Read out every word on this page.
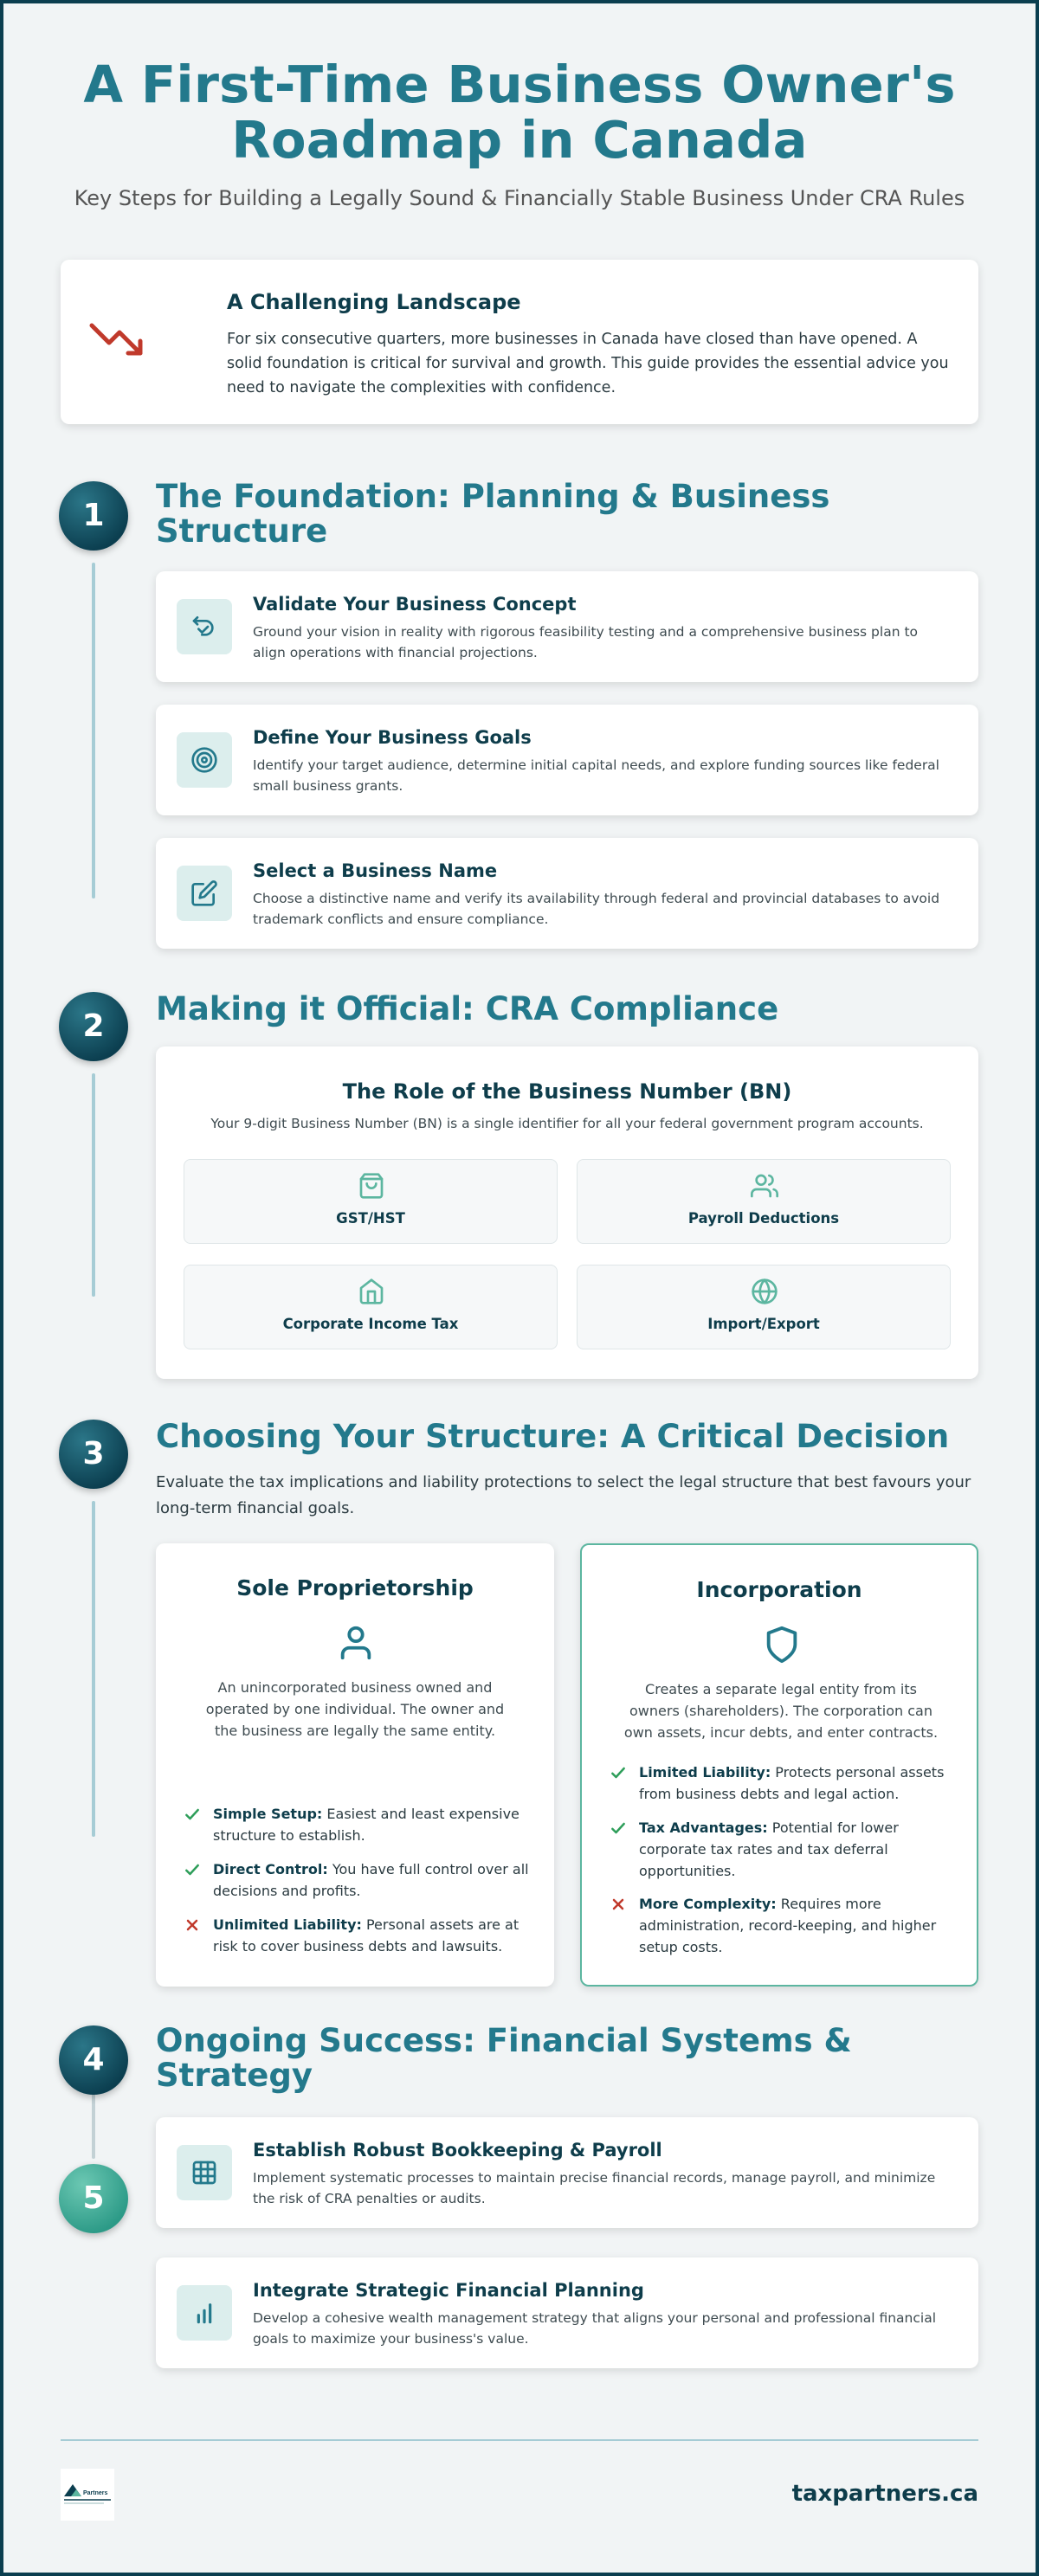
A First-Time Business Owner's Roadmap in Canada

Key Steps for Building a Legally Sound & Financially Stable Business Under CRA Rules

A Challenging Landscape

For six consecutive quarters, more businesses in Canada have closed than have opened. A solid foundation is critical for survival and growth. This guide provides the essential advice you need to navigate the complexities with confidence.

1
The Foundation: Planning & Business Structure
Validate Your Business Concept

Ground your vision in reality with rigorous feasibility testing and a comprehensive business plan to align operations with financial projections.

Define Your Business Goals

Identify your target audience, determine initial capital needs, and explore funding sources like federal small business grants.

Select a Business Name

Choose a distinctive name and verify its availability through federal and provincial databases to avoid trademark conflicts and ensure compliance.

2	Making it Official: CRA Compliance
The Role of the Business Number (BN)

Your 9-digit Business Number (BN) is a single identifier for all your federal government program accounts.

GST/HST	Payroll Deductions
Corporate Income Tax	Import/Export
3	Choosing Your Structure: A Critical Decision
Evaluate the tax implications and liability protections to select the legal structure that best favours your long-term financial goals.
Sole Proprietorship
An unincorporated business owned and operated by one individual. The owner and the business are legally the same entity.
Simple Setup: Easiest and least expensive structure to establish.
Direct Control: You have full control over all decisions and profits.
Unlimited Liability: Personal assets are at risk to cover business debts and lawsuits.
Incorporation
Creates a separate legal entity from its owners (shareholders). The corporation can own assets, incur debts, and enter contracts.
Limited Liability: Protects personal assets from business debts and legal action.
Tax Advantages: Potential for lower corporate tax rates and tax deferral opportunities.
More Complexity: Requires more administration, record-keeping, and higher setup costs.
4
5
Ongoing Success: Financial Systems & Strategy
Establish Robust Bookkeeping & Payroll

Implement systematic processes to maintain precise financial records, manage payroll, and minimize the risk of CRA penalties or audits.

Integrate Strategic Financial Planning

Develop a cohesive wealth management strategy that aligns your personal and professional financial goals to maximize your business's value.

Partners	taxpartners.ca
